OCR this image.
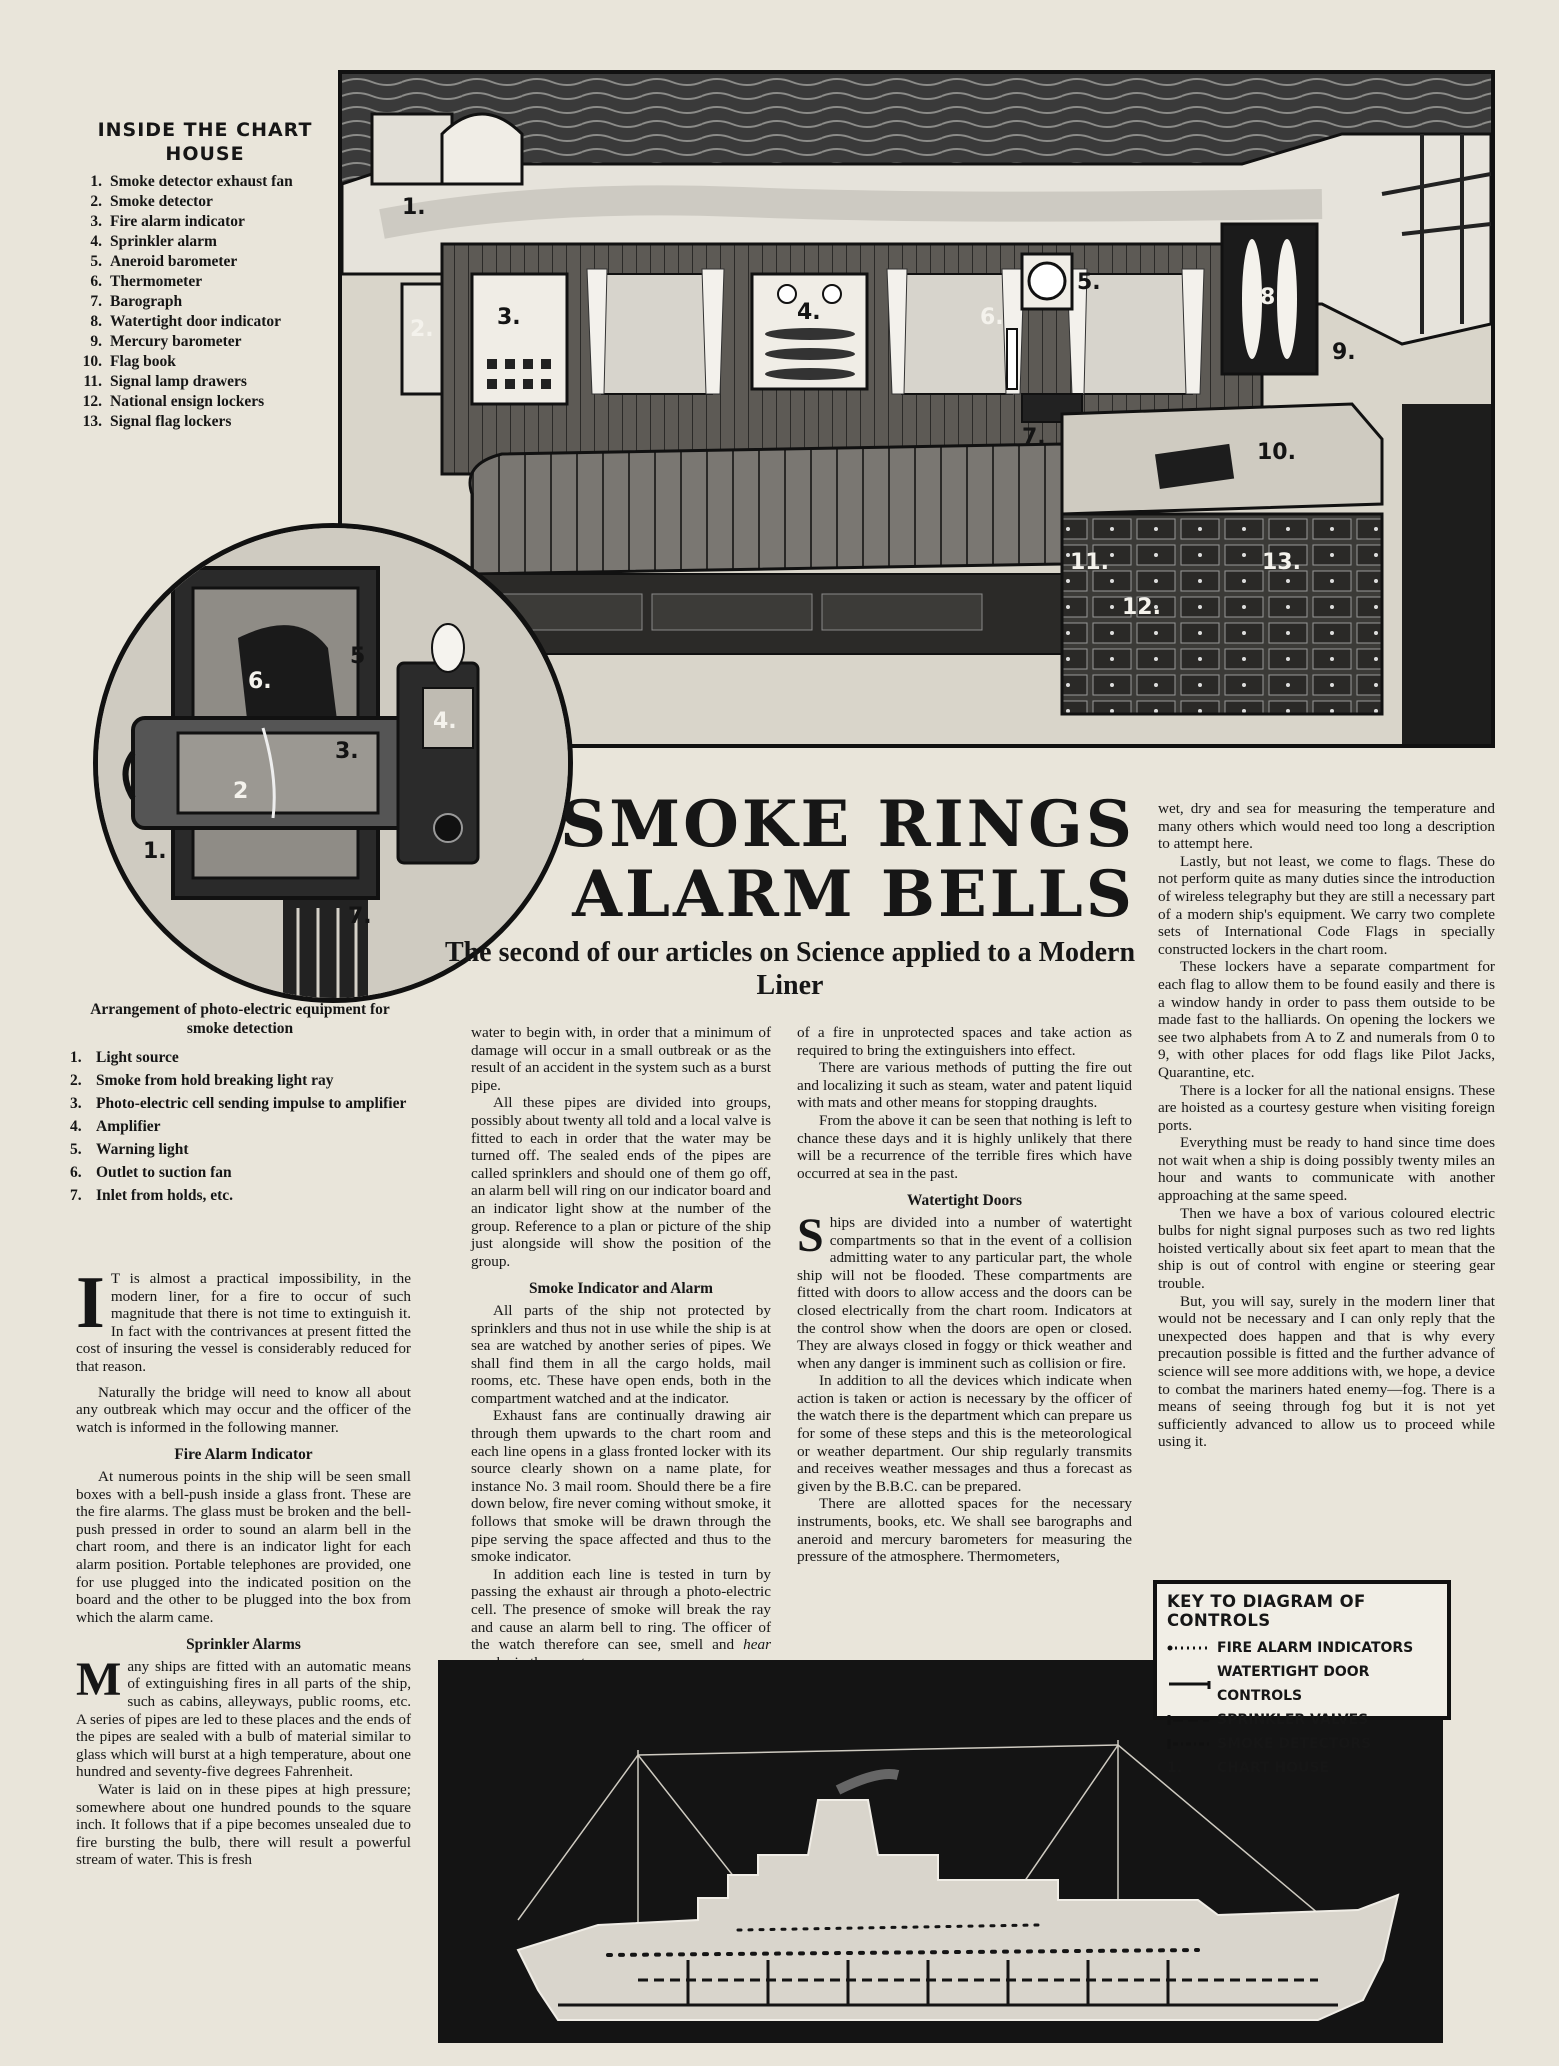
1.
2.	3.	4.
5.
6.
7.
8.
9.
10.
11.
12.
13.
INSIDE THE CHART HOUSE
1. Smoke detector exhaust fan
2. Smoke detector
3. Fire alarm indicator
4. Sprinkler alarm
5. Aneroid barometer
6. Thermometer
7. Barograph
8. Watertight door indicator
9. Mercury barometer
10. Flag book
11. Signal lamp drawers
12. National ensign lockers
13. Signal flag lockers
1.
2
3.
4.
5
6.
7.
Arrangement of photo-electric equipment for smoke detection
1. Light source
2. Smoke from hold breaking light ray
3. Photo-electric cell sending impulse to amplifier
4. Amplifier
5. Warning light
6. Outlet to suction fan
7. Inlet from holds, etc.
SMOKE RINGS
ALARM BELLS
The second of our articles on Science applied to a Modern Liner

I T is almost a practical impossibility, in the modern liner, for a fire to occur of such magnitude that there is not time to extinguish it. In fact with the contrivances at present fitted the cost of insuring the vessel is considerably reduced for that reason.

Naturally the bridge will need to know all about any outbreak which may occur and the officer of the watch is informed in the following manner.

Fire Alarm Indicator

At numerous points in the ship will be seen small boxes with a bell-push inside a glass front. These are the fire alarms. The glass must be broken and the bell-push pressed in order to sound an alarm bell in the chart room, and there is an indicator light for each alarm position. Portable telephones are provided, one for use plugged into the indicated position on the board and the other to be plugged into the box from which the alarm came.

Sprinkler Alarms

Many ships are fitted with an automatic means of extinguishing fires in all parts of the ship, such as cabins, alleyways, public rooms, etc. A series of pipes are led to these places and the ends of the pipes are sealed with a bulb of material similar to glass which will burst at a high temperature, about one hundred and seventy-five degrees Fahrenheit.

Water is laid on in these pipes at high pressure; somewhere about one hundred pounds to the square inch. It follows that if a pipe becomes unsealed due to fire bursting the bulb, there will result a powerful stream of water. This is fresh

water to begin with, in order that a minimum of damage will occur in a small outbreak or as the result of an accident in the system such as a burst pipe.

All these pipes are divided into groups, possibly about twenty all told and a local valve is fitted to each in order that the water may be turned off. The sealed ends of the pipes are called sprinklers and should one of them go off, an alarm bell will ring on our indicator board and an indicator light show at the number of the group. Reference to a plan or picture of the ship just alongside will show the position of the group.

Smoke Indicator and Alarm

All parts of the ship not protected by sprinklers and thus not in use while the ship is at sea are watched by another series of pipes. We shall find them in all the cargo holds, mail rooms, etc. These have open ends, both in the compartment watched and at the indicator.

Exhaust fans are continually drawing air through them upwards to the chart room and each line opens in a glass fronted locker with its source clearly shown on a name plate, for instance No. 3 mail room. Should there be a fire down below, fire never coming without smoke, it follows that smoke will be drawn through the pipe serving the space affected and thus to the smoke indicator.

In addition each line is tested in turn by passing the exhaust air through a photo-electric cell. The presence of smoke will break the ray and cause an alarm bell to ring. The officer of the watch therefore can see, smell and hear

of a fire in unprotected spaces and take action as required to bring the extinguishers into effect.

There are various methods of putting the fire out and localizing it such as steam, water and patent liquid with mats and other means for stopping draughts.

From the above it can be seen that nothing is left to chance these days and it is highly unlikely that there will be a recurrence of the terrible fires which have occurred at sea in the past.

Watertight Doors

Ships are divided into a number of watertight compartments so that in the event of a collision admitting water to any particular part, the whole ship will not be flooded. These compartments are fitted with doors to allow access and the doors can be closed electrically from the chart room. Indicators at the control show when the doors are open or closed. They are always closed in foggy or thick weather and when any danger is imminent such as collision or fire.

In addition to all the devices which indicate when action is taken or action is necessary by the officer of the watch there is the department which can prepare us for some of these steps and this is the meteorological or weather department. Our ship regularly transmits and receives weather messages and thus a forecast as given by the B.B.C. can be prepared.

There are allotted spaces for the necessary instruments, books, etc. We shall see barographs and aneroid and mercury barometers for measuring the pressure of the atmosphere. Thermometers,

wet, dry and sea for measuring the temperature and many others which would need too long a description to attempt here.

Lastly, but not least, we come to flags. These do not perform quite as many duties since the introduction of wireless telegraphy but they are still a necessary part of a modern ship's equipment. We carry two complete sets of International Code Flags in specially constructed lockers in the chart room.

These lockers have a separate compartment for each flag to allow them to be found easily and there is a window handy in order to pass them outside to be made fast to the halliards. On opening the lockers we see two alphabets from A to Z and numerals from 0 to 9, with other places for odd flags like Pilot Jacks, Quarantine, etc.

There is a locker for all the national ensigns. These are hoisted as a courtesy gesture when visiting foreign ports.

Everything must be ready to hand since time does not wait when a ship is doing possibly twenty miles an hour and wants to communicate with another approaching at the same speed.

Then we have a box of various coloured electric bulbs for night signal purposes such as two red lights hoisted vertically about six feet apart to mean that the ship is out of control with engine or steering gear trouble.

But, you will say, surely in the modern liner that would not be necessary and I can only reply that the unexpected does happen and that is why every precaution possible is fitted and the further advance of science will see more additions with, we hope, a device to combat the mariners hated enemy—fog. There is a means of seeing through fog but it is not yet sufficiently advanced to allow us to proceed while using it.

KEY TO DIAGRAM OF CONTROLS
FIRE ALARM INDICATORS
WATERTIGHT DOOR CONTROLS
SPRINKLER VALVES
SMOKE DETECTORS
1.	CHART HOUSE
